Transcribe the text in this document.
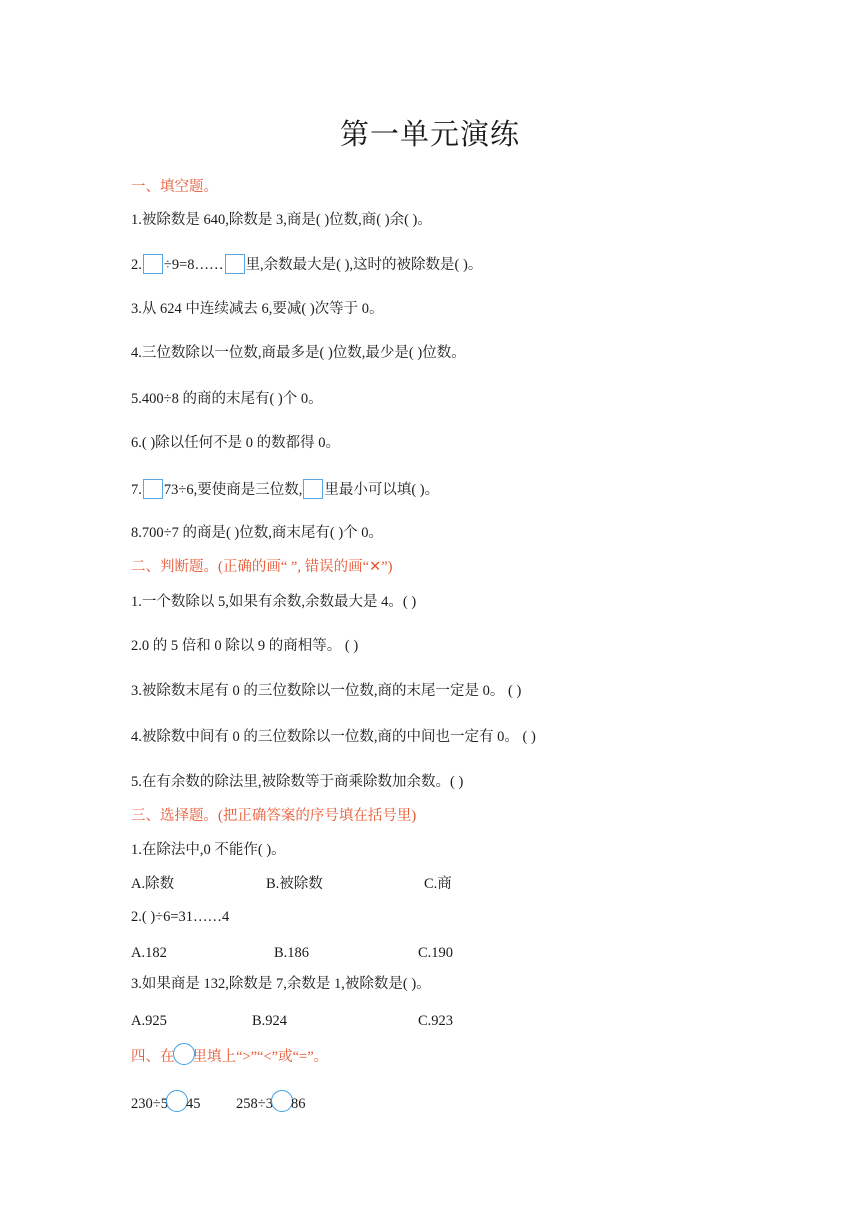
第一单元演练
一、填空题。
1.被除数是 640,除数是 3,商是( )位数,商( )余( )。
2. ÷9=8…… 里,余数最大是( ),这时的被除数是( )。
3.从 624 中连续减去 6,要减( )次等于 0。
4.三位数除以一位数,商最多是( )位数,最少是( )位数。
5.400÷8 的商的末尾有( )个 0。
6.( )除以任何不是 0 的数都得 0。
7. 73÷6,要使商是三位数, 里最小可以填( )。
8.700÷7 的商是( )位数,商末尾有( )个 0。
二、判断题。(正确的画“ ”, 错误的画“✕”)
1.一个数除以 5,如果有余数,余数最大是 4。( )
2.0 的 5 倍和 0 除以 9 的商相等。 ( )
3.被除数末尾有 0 的三位数除以一位数,商的末尾一定是 0。 ( )
4.被除数中间有 0 的三位数除以一位数,商的中间也一定有 0。 ( )
5.在有余数的除法里,被除数等于商乘除数加余数。( )
三、选择题。(把正确答案的序号填在括号里)
1.在除法中,0 不能作( )。
A.除数	B.被除数	C.商
2.( )÷6=31……4
A.182	B.186	C.190
3.如果商是 132,除数是 7,余数是 1,被除数是( )。
A.925	B.924	C.923
四、在 里填上“>”“<”或“=”。
230÷5 45 258÷3 86
